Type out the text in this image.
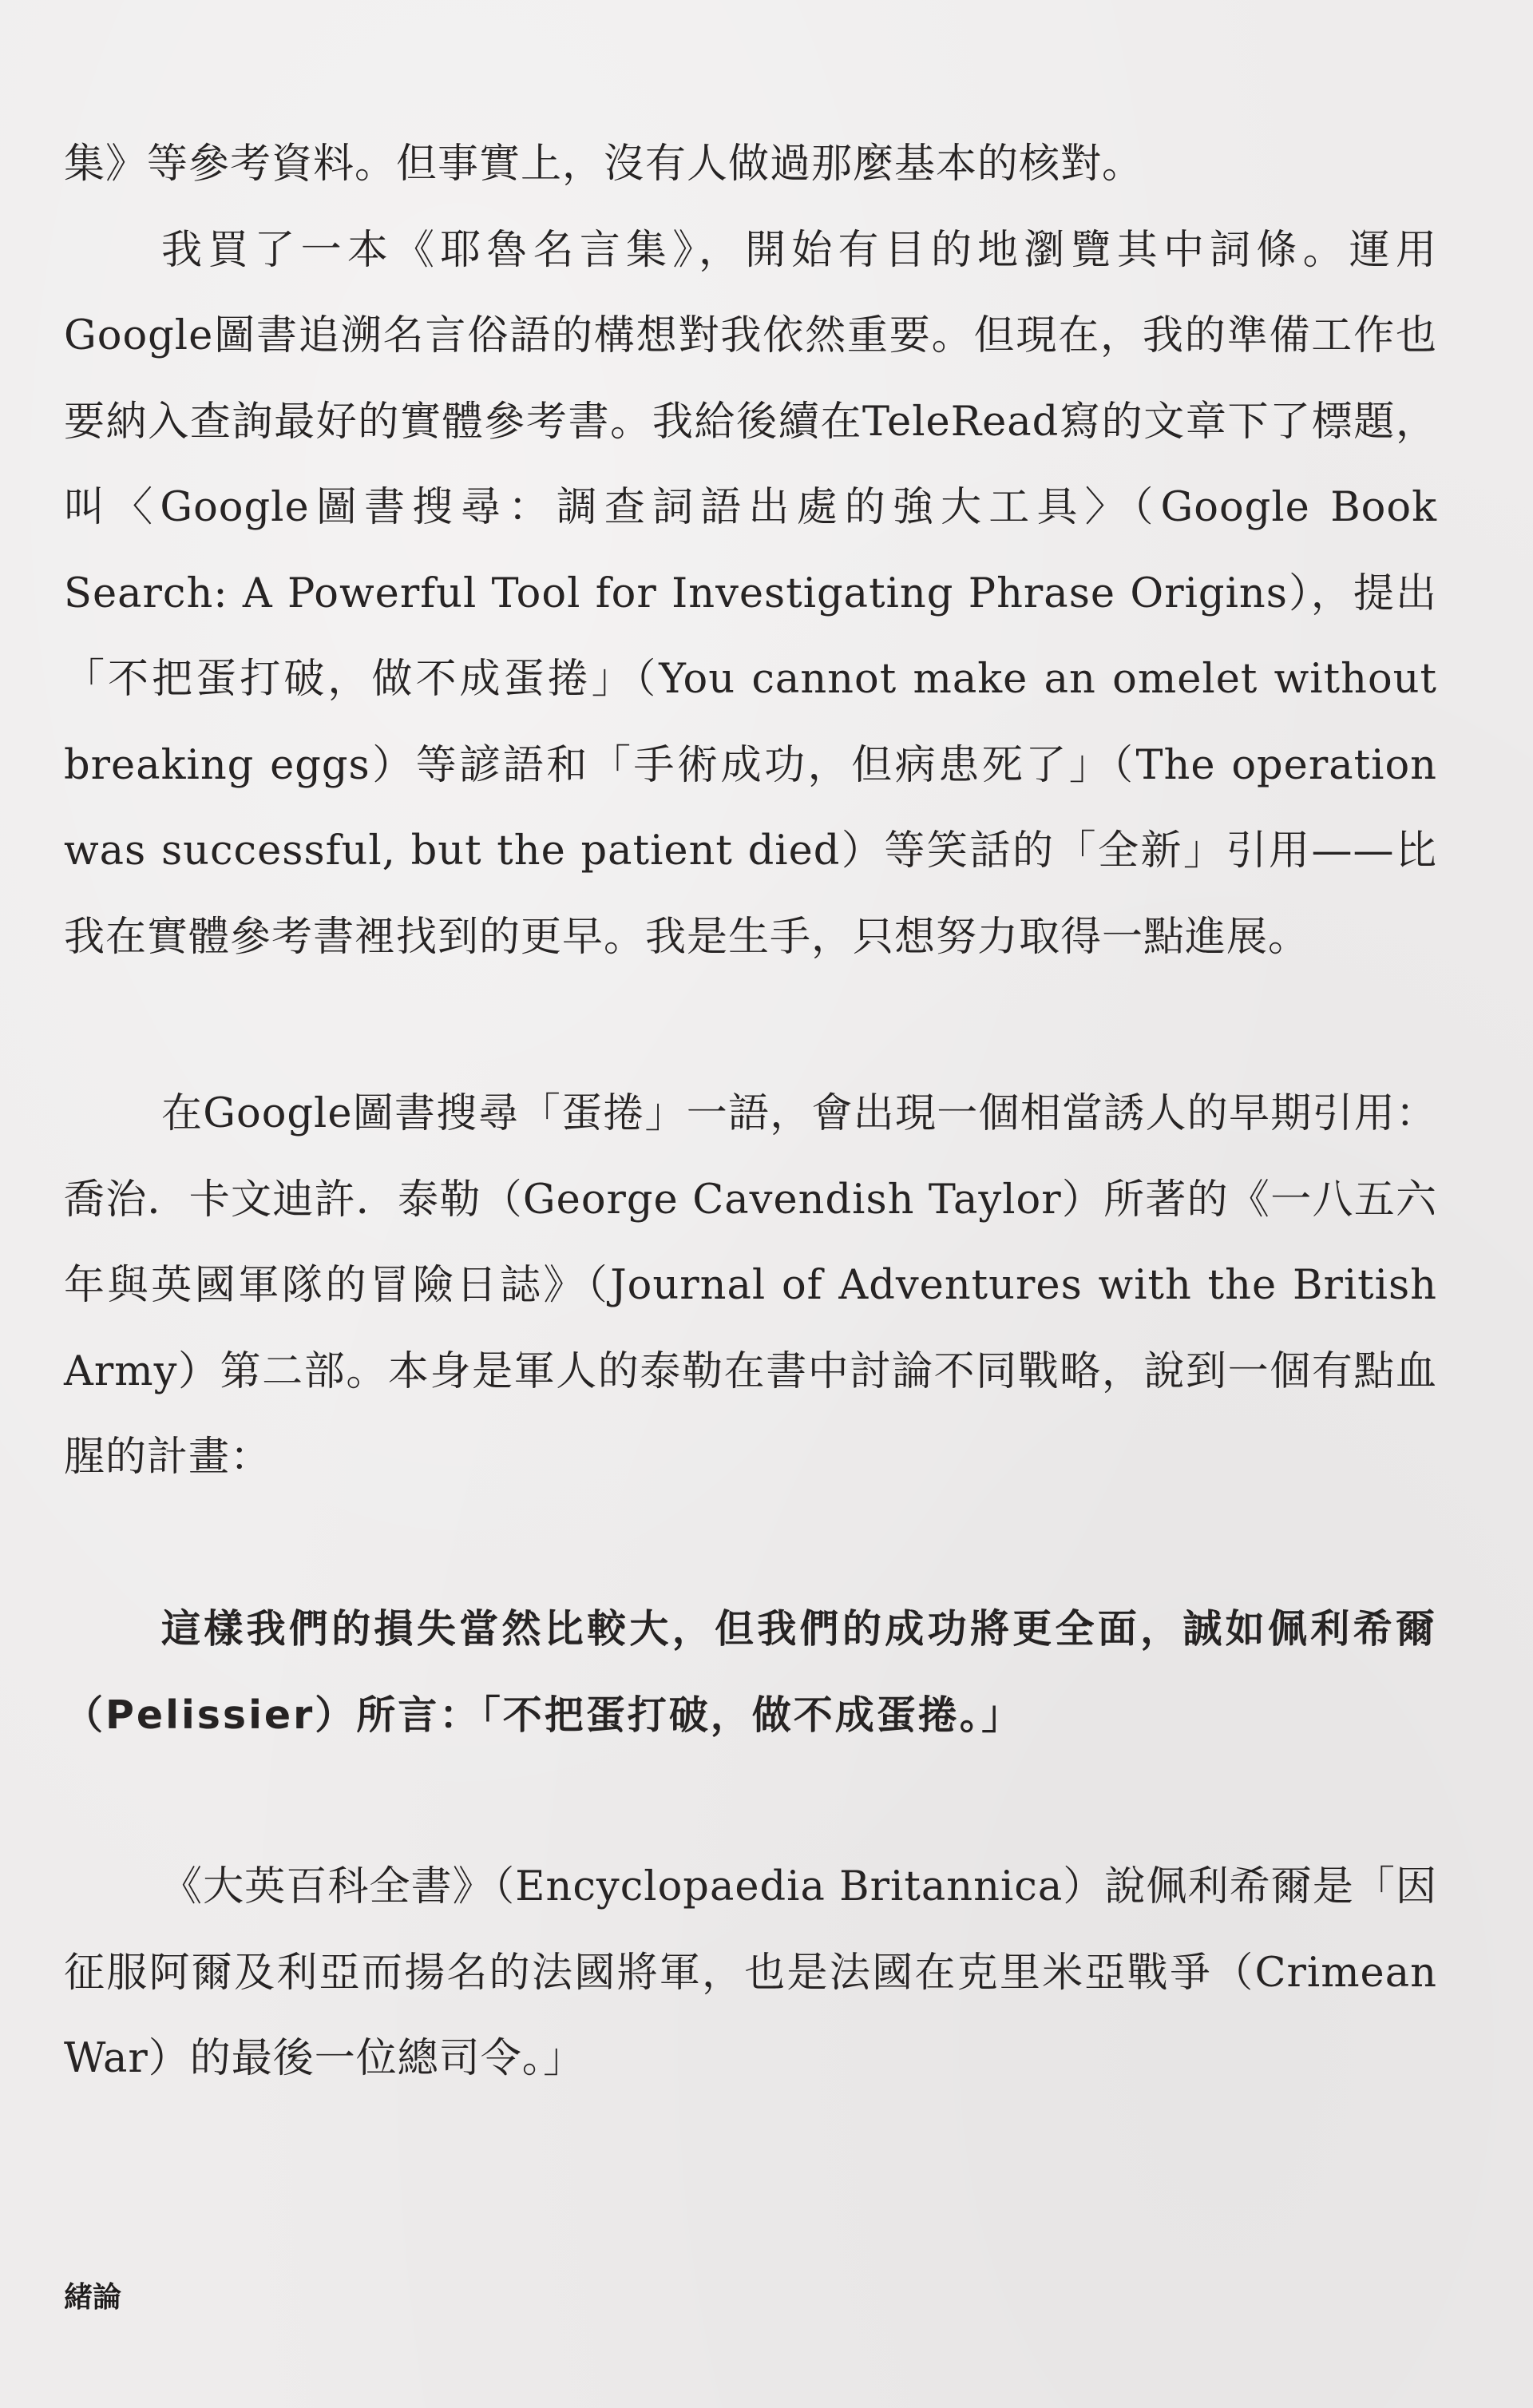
集》等參考資料。但事實上，沒有人做過那麼基本的核對。

我買了一本《耶魯名言集》，開始有目的地瀏覽其中詞條。運用Google圖書追溯名言俗語的構想對我依然重要。但現在，我的準備工作也要納入查詢最好的實體參考書。我給後續在TeleRead寫的文章下了標題，叫〈Google圖書搜尋：調查詞語出處的強大工具〉（Google Book Search: A Powerful Tool for Investigating Phrase Origins），提出「不把蛋打破，做不成蛋捲」（You cannot make an omelet without breaking eggs）等諺語和「手術成功，但病患死了」（The operation was successful, but the patient died）等笑話的「全新」引用——比我在實體參考書裡找到的更早。我是生手，只想努力取得一點進展。

在Google圖書搜尋「蛋捲」一語，會出現一個相當誘人的早期引用：喬治．卡文迪許．泰勒（George Cavendish Taylor）所著的《一八五六年與英國軍隊的冒險日誌》（Journal of Adventures with the British Army）第二部。本身是軍人的泰勒在書中討論不同戰略，說到一個有點血腥的計畫：

這樣我們的損失當然比較大，但我們的成功將更全面，誠如佩利希爾（Pelissier）所言：「不把蛋打破，做不成蛋捲。」

《大英百科全書》（Encyclopaedia Britannica）說佩利希爾是「因征服阿爾及利亞而揚名的法國將軍，也是法國在克里米亞戰爭（Crimean War）的最後一位總司令。」

緒論
